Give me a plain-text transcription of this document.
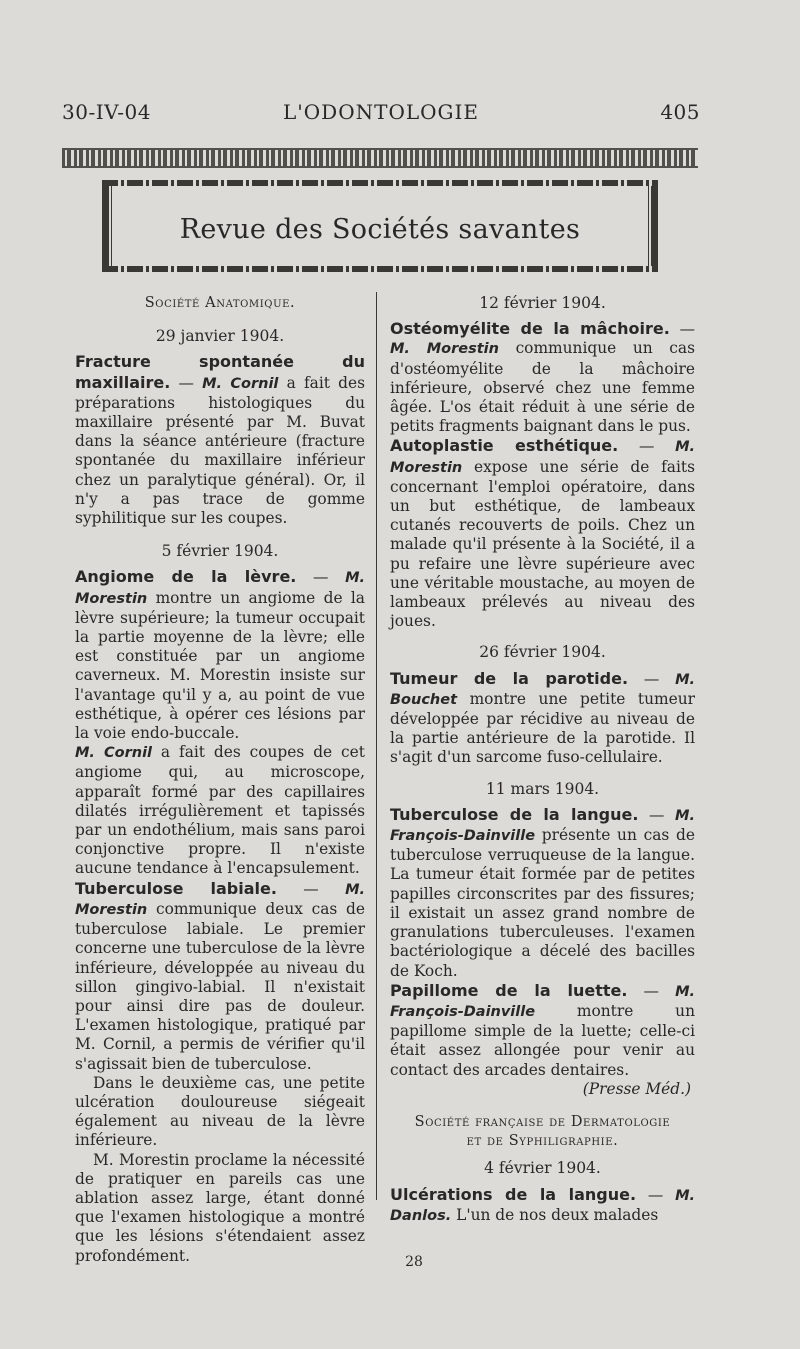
30-IV-04	L'ODONTOLOGIE	405
Revue des Sociétés savantes
Société Anatomique.
29 janvier 1904.

Fracture spontanée du maxillaire. — M. Cornil a fait des préparations histologiques du maxillaire présenté par M. Buvat dans la séance antérieure (fracture spontanée du maxillaire inférieur chez un paralytique général). Or, il n'y a pas trace de gomme syphilitique sur les coupes.

5 février 1904.

Angiome de la lèvre. — M. Morestin montre un angiome de la lèvre supérieure; la tumeur occupait la partie moyenne de la lèvre; elle est constituée par un angiome caverneux. M. Morestin insiste sur l'avantage qu'il y a, au point de vue esthétique, à opérer ces lésions par la voie endo-buccale.

M. Cornil a fait des coupes de cet angiome qui, au microscope, apparaît formé par des capillaires dilatés irrégulièrement et tapissés par un endothélium, mais sans paroi conjonctive propre. Il n'existe aucune tendance à l'encapsulement.

Tuberculose labiale. — M. Morestin communique deux cas de tuberculose labiale. Le premier concerne une tuberculose de la lèvre inférieure, développée au niveau du sillon gingivo-labial. Il n'existait pour ainsi dire pas de douleur. L'examen histologique, pratiqué par M. Cornil, a permis de vérifier qu'il s'agissait bien de tuberculose.

Dans le deuxième cas, une petite ulcération douloureuse siégeait également au niveau de la lèvre inférieure.

M. Morestin proclame la nécessité de pratiquer en pareils cas une ablation assez large, étant donné que l'examen histologique a montré que les lésions s'étendaient assez profondément.

12 février 1904.

Ostéomyélite de la mâchoire. — M. Morestin communique un cas d'ostéomyélite de la mâchoire inférieure, observé chez une femme âgée. L'os était réduit à une série de petits fragments baignant dans le pus.

Autoplastie esthétique. — M. Morestin expose une série de faits concernant l'emploi opératoire, dans un but esthétique, de lambeaux cutanés recouverts de poils. Chez un malade qu'il présente à la Société, il a pu refaire une lèvre supérieure avec une véritable moustache, au moyen de lambeaux prélevés au niveau des joues.

26 février 1904.

Tumeur de la parotide. — M. Bouchet montre une petite tumeur développée par récidive au niveau de la partie antérieure de la parotide. Il s'agit d'un sarcome fuso-cellulaire.

11 mars 1904.

Tuberculose de la langue. — M. François-Dainville présente un cas de tuberculose verruqueuse de la langue. La tumeur était formée par de petites papilles circonscrites par des fissures; il existait un assez grand nombre de granulations tuberculeuses. l'examen bactériologique a décelé des bacilles de Koch.

Papillome de la luette. — M. François-Dainville	montre un papillome simple de la luette; celle-ci était assez allongée pour venir au contact des arcades dentaires.

(Presse Méd.)
Société française de Dermatologie
et de Syphiligraphie.
4 février 1904.

Ulcérations de la langue. — M. Danlos. L'un de nos deux malades

28
